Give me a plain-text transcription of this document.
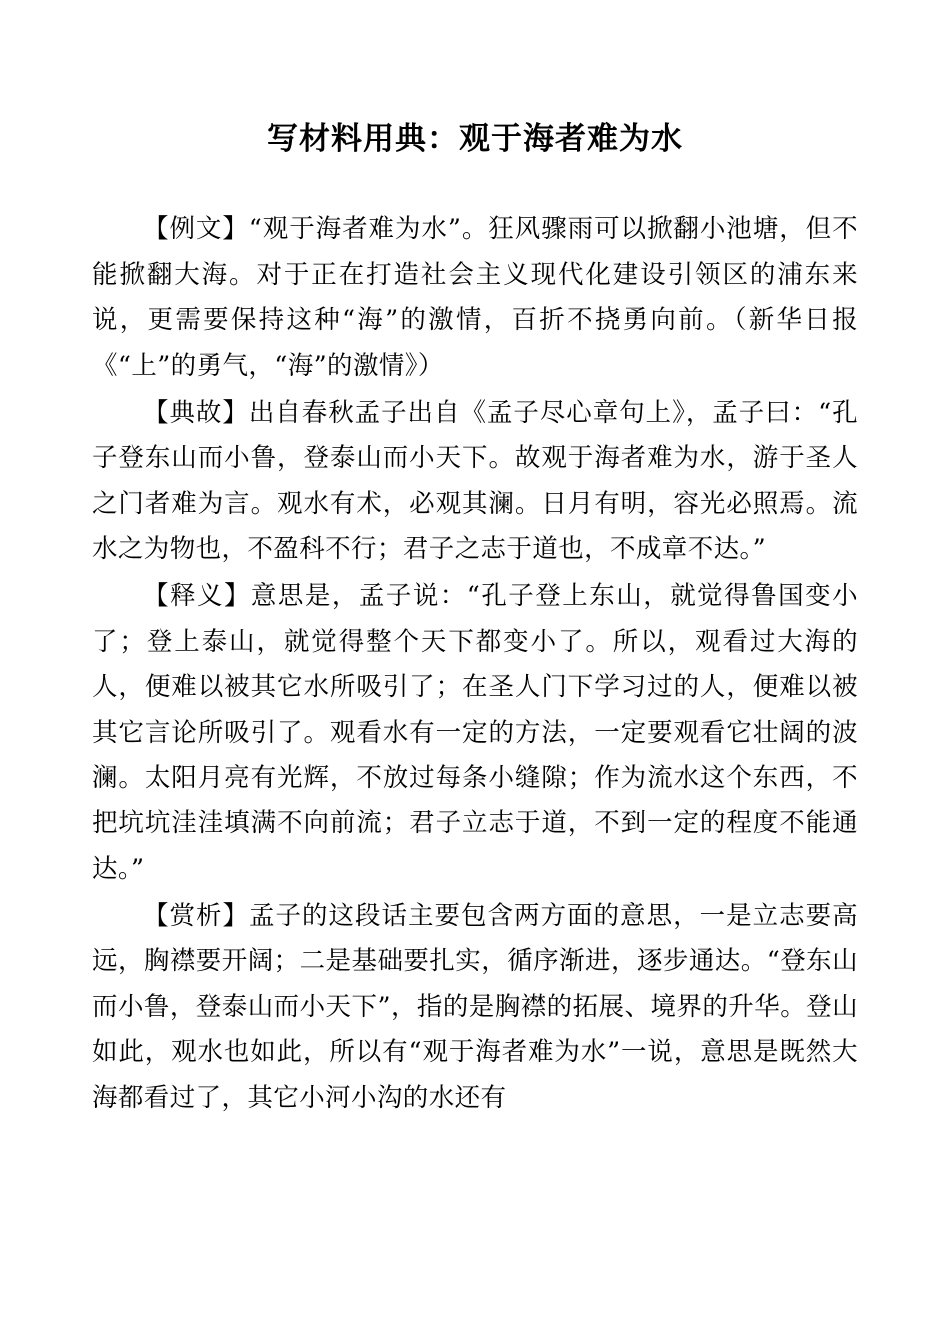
写材料用典：观于海者难为水

【例文】“观于海者难为水”。狂风骤雨可以掀翻小池塘，但不能掀翻大海。对于正在打造社会主义现代化建设引领区的浦东来说，更需要保持这种“海”的激情，百折不挠勇向前。（新华日报《“上”的勇气，“海”的激情》）

【典故】出自春秋孟子出自《孟子尽心章句上》，孟子曰：“孔子登东山而小鲁，登泰山而小天下。故观于海者难为水，游于圣人之门者难为言。观水有术，必观其澜。日月有明，容光必照焉。流水之为物也，不盈科不行；君子之志于道也，不成章不达。”

【释义】意思是，孟子说：“孔子登上东山，就觉得鲁国变小了；登上泰山，就觉得整个天下都变小了。所以，观看过大海的人，便难以被其它水所吸引了；在圣人门下学习过的人，便难以被其它言论所吸引了。观看水有一定的方法，一定要观看它壮阔的波澜。太阳月亮有光辉，不放过每条小缝隙；作为流水这个东西，不把坑坑洼洼填满不向前流；君子立志于道，不到一定的程度不能通达。”

【赏析】孟子的这段话主要包含两方面的意思，一是立志要高远，胸襟要开阔；二是基础要扎实，循序渐进，逐步通达。“登东山而小鲁，登泰山而小天下”，指的是胸襟的拓展、境界的升华。登山如此，观水也如此，所以有“观于海者难为水”一说，意思是既然大海都看过了，其它小河小沟的水还有
